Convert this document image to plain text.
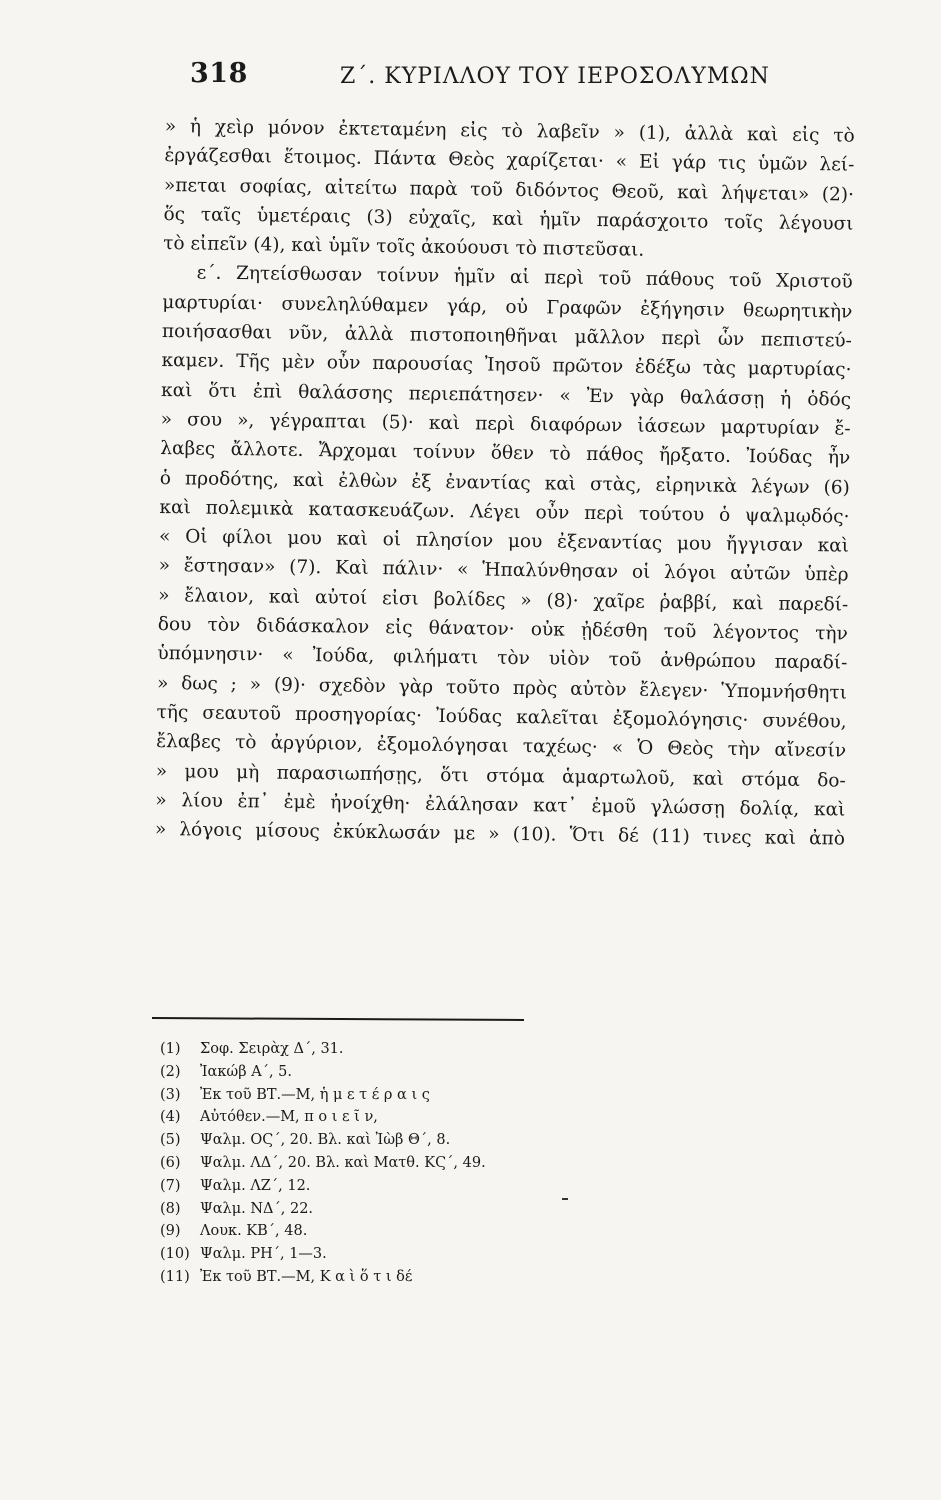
318	Ζ΄. ΚΥΡΙΛΛΟΥ ΤΟΥ ΙΕΡΟΣΟΛΥΜΩΝ
» ἡ χεὶρ μόνον ἐκτεταμένη εἰς τὸ λαβεῖν » (1), ἀλλὰ καὶ εἰς τὸ
ἐργάζεσθαι ἕτοιμος. Πάντα Θεὸς χαρίζεται· « Εἰ γάρ τις ὑμῶν λεί-
»πεται σοφίας, αἰτείτω παρὰ τοῦ διδόντος Θεοῦ, καὶ λήψεται» (2)·
ὅς ταῖς ὑμετέραις (3) εὐχαῖς, καὶ ἡμῖν παράσχοιτο τοῖς λέγουσι
τὸ εἰπεῖν (4), καὶ ὑμῖν τοῖς ἀκούουσι τὸ πιστεῦσαι.
ε΄. Ζητείσθωσαν τοίνυν ἡμῖν αἱ περὶ τοῦ πάθους τοῦ Χριστοῦ
μαρτυρίαι· συνεληλύθαμεν γάρ, οὐ Γραφῶν ἐξήγησιν θεωρητικὴν
ποιήσασθαι νῦν, ἀλλὰ πιστοποιηθῆναι μᾶλλον περὶ ὧν πεπιστεύ-
καμεν. Τῆς μὲν οὖν παρουσίας Ἰησοῦ πρῶτον ἐδέξω τὰς μαρτυρίας·
καὶ ὅτι ἐπὶ θαλάσσης περιεπάτησεν· « Ἐν γὰρ θαλάσσῃ ἡ ὁδός
» σου », γέγραπται (5)· καὶ περὶ διαφόρων ἰάσεων μαρτυρίαν ἔ-
λαβες ἄλλοτε. Ἄρχομαι τοίνυν ὅθεν τὸ πάθος ἤρξατο. Ἰούδας ἦν
ὁ προδότης, καὶ ἐλθὼν ἐξ ἐναντίας καὶ στὰς, εἰρηνικὰ λέγων (6)
καὶ πολεμικὰ κατασκευάζων. Λέγει οὖν περὶ τούτου ὁ ψαλμῳδός·
« Οἱ φίλοι μου καὶ οἱ πλησίον μου ἐξεναντίας μου ἤγγισαν καὶ
» ἔστησαν» (7). Καὶ πάλιν· « Ἡπαλύνθησαν οἱ λόγοι αὐτῶν ὑπὲρ
» ἔλαιον, καὶ αὐτοί εἰσι βολίδες » (8)· χαῖρε ῥαββί, καὶ παρεδί-
δου τὸν διδάσκαλον εἰς θάνατον· οὐκ ᾐδέσθη τοῦ λέγοντος τὴν
ὑπόμνησιν· « Ἰούδα, φιλήματι τὸν υἱὸν τοῦ ἀνθρώπου παραδί-
» δως ; » (9)· σχεδὸν γὰρ τοῦτο πρὸς αὐτὸν ἔλεγεν· Ὑπομνήσθητι
τῆς σεαυτοῦ προσηγορίας· Ἰούδας καλεῖται ἐξομολόγησις· συνέθου,
ἔλαβες τὸ ἀργύριον, ἐξομολόγησαι ταχέως· « Ὁ Θεὸς τὴν αἴνεσίν
» μου μὴ παρασιωπήσῃς, ὅτι στόμα ἁμαρτωλοῦ, καὶ στόμα δο-
» λίου ἐπ᾽ ἐμὲ ἠνοίχθη· ἐλάλησαν κατ᾽ ἐμοῦ γλώσσῃ δολίᾳ, καὶ
» λόγοις μίσους ἐκύκλωσάν με » (10). Ὅτι δέ (11) τινες καὶ ἀπὸ
(1) Σοφ. Σειρὰχ Δ΄, 31.
(2) Ἰακώβ Α΄, 5.
(3) Ἐκ τοῦ ΒΤ.—Μ, ἡ μ ε τ έ ρ α ι ς
(4) Αὐτόθεν.—Μ, π ο ι ε ῖ ν,
(5) Ψαλμ. ΟϚ΄, 20. Βλ. καὶ Ἰὼβ Θ΄, 8.
(6) Ψαλμ. ΛΔ΄, 20. Βλ. καὶ Ματθ. ΚϚ΄, 49.
(7) Ψαλμ. ΛΖ΄, 12.
(8) Ψαλμ. ΝΔ΄, 22.
(9) Λουκ. ΚΒ΄, 48.
(10) Ψαλμ. ΡΗ΄, 1—3.
(11) Ἐκ τοῦ ΒΤ.—Μ, Κ α ὶ ὅ τ ι δέ
